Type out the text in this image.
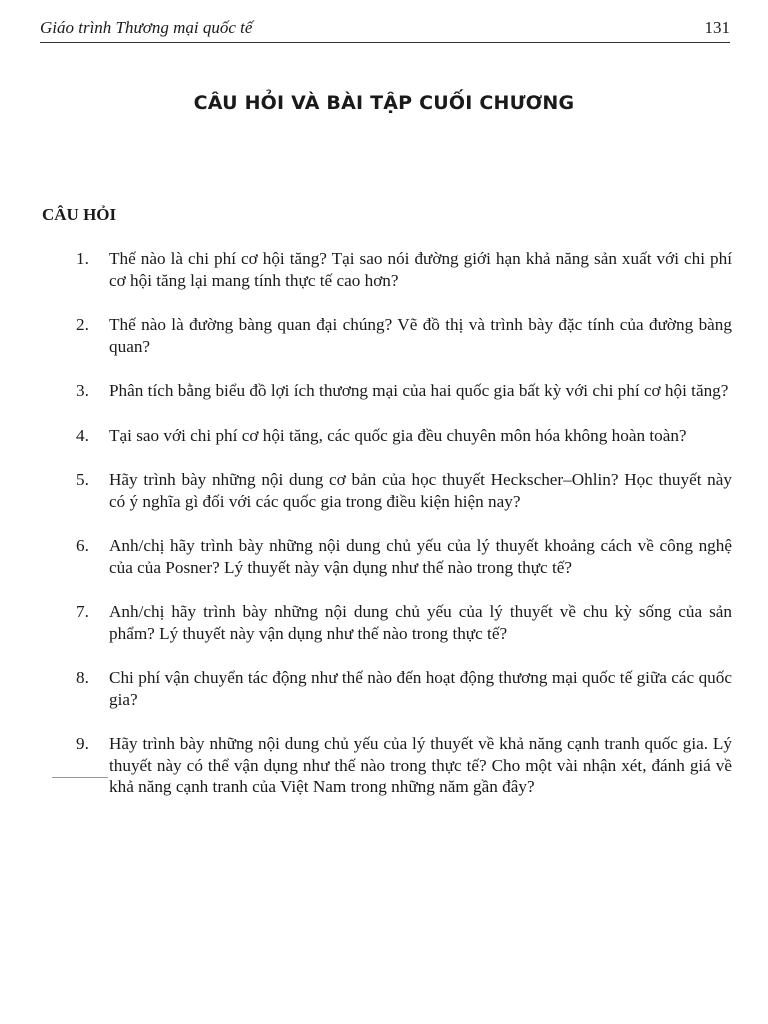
Giáo trình Thương mại quốc tế	131
CÂU HỎI VÀ BÀI TẬP CUỐI CHƯƠNG
CÂU HỎI
1.	Thế nào là chi phí cơ hội tăng? Tại sao nói đường giới hạn khả năng sản xuất với chi phí cơ hội tăng lại mang tính thực tế cao hơn?
2.	Thế nào là đường bàng quan đại chúng? Vẽ đồ thị và trình bày đặc tính của đường bàng quan?
3.	Phân tích bằng biểu đồ lợi ích thương mại của hai quốc gia bất kỳ với chi phí cơ hội tăng?
4.	Tại sao với chi phí cơ hội tăng, các quốc gia đều chuyên môn hóa không hoàn toàn?
5.	Hãy trình bày những nội dung cơ bản của học thuyết Heckscher–Ohlin? Học thuyết này có ý nghĩa gì đối với các quốc gia trong điều kiện hiện nay?
6.	Anh/chị hãy trình bày những nội dung chủ yếu của lý thuyết khoảng cách về công nghệ của của Posner? Lý thuyết này vận dụng như thế nào trong thực tế?
7.	Anh/chị hãy trình bày những nội dung chủ yếu của lý thuyết về chu kỳ sống của sản phẩm? Lý thuyết này vận dụng như thế nào trong thực tế?
8.	Chi phí vận chuyển tác động như thế nào đến hoạt động thương mại quốc tế giữa các quốc gia?
9.	Hãy trình bày những nội dung chủ yếu của lý thuyết về khả năng cạnh tranh quốc gia. Lý thuyết này có thể vận dụng như thế nào trong thực tế? Cho một vài nhận xét, đánh giá về khả năng cạnh tranh của Việt Nam trong những năm gần đây?
